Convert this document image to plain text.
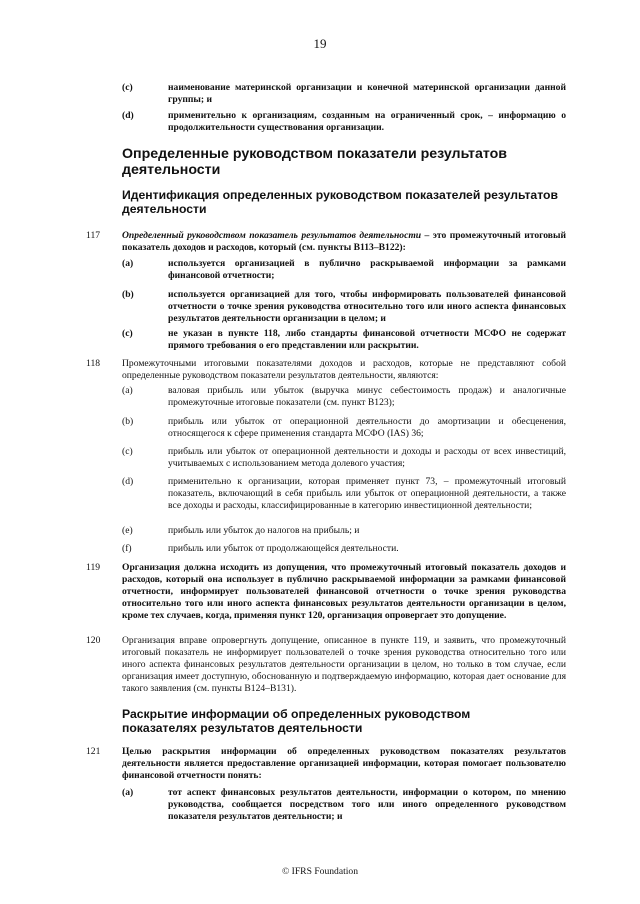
19
(c)	наименование материнской организации и конечной материнской организации данной группы; и
(d)	применительно к организациям, созданным на ограниченный срок, – информацию о продолжительности существования организации.
Определенные руководством показатели результатов деятельности
Идентификация определенных руководством показателей результатов деятельности
117 Определенный руководством показатель результатов деятельности – это промежуточный итоговый показатель доходов и расходов, который (см. пункты B113–B122):
(a)	используется организацией в публично раскрываемой информации за рамками финансовой отчетности;
(b)	используется организацией для того, чтобы информировать пользователей финансовой отчетности о точке зрения руководства относительно того или иного аспекта финансовых результатов деятельности организации в целом; и
(c)	не указан в пункте 118, либо стандарты финансовой отчетности МСФО не содержат прямого требования о его представлении или раскрытии.
118 Промежуточными итоговыми показателями доходов и расходов, которые не представляют собой определенные руководством показатели результатов деятельности, являются:
(a)	валовая прибыль или убыток (выручка минус себестоимость продаж) и аналогичные промежуточные итоговые показатели (см. пункт B123);
(b)	прибыль или убыток от операционной деятельности до амортизации и обесценения, относящегося к сфере применения стандарта МСФО (IAS) 36;
(c)	прибыль или убыток от операционной деятельности и доходы и расходы от всех инвестиций, учитываемых с использованием метода долевого участия;
(d)	применительно к организации, которая применяет пункт 73, – промежуточный итоговый показатель, включающий в себя прибыль или убыток от операционной деятельности, а также все доходы и расходы, классифицированные в категорию инвестиционной деятельности;
(e)	прибыль или убыток до налогов на прибыль; и
(f)	прибыль или убыток от продолжающейся деятельности.
119 Организация должна исходить из допущения, что промежуточный итоговый показатель доходов и расходов, который она использует в публично раскрываемой информации за рамками финансовой отчетности, информирует пользователей финансовой отчетности о точке зрения руководства относительно того или иного аспекта финансовых результатов деятельности организации в целом, кроме тех случаев, когда, применяя пункт 120, организация опровергает это допущение.
120 Организация вправе опровергнуть допущение, описанное в пункте 119, и заявить, что промежуточный итоговый показатель не информирует пользователей о точке зрения руководства относительно того или иного аспекта финансовых результатов деятельности организации в целом, но только в том случае, если организация имеет доступную, обоснованную и подтверждаемую информацию, которая дает основание для такого заявления (см. пункты B124–B131).
Раскрытие информации об определенных руководством показателях результатов деятельности
121 Целью раскрытия информации об определенных руководством показателях результатов деятельности является предоставление организацией информации, которая помогает пользователю финансовой отчетности понять:
(a)	тот аспект финансовых результатов деятельности, информации о котором, по мнению руководства, сообщается посредством того или иного определенного руководством показателя результатов деятельности; и
© IFRS Foundation
